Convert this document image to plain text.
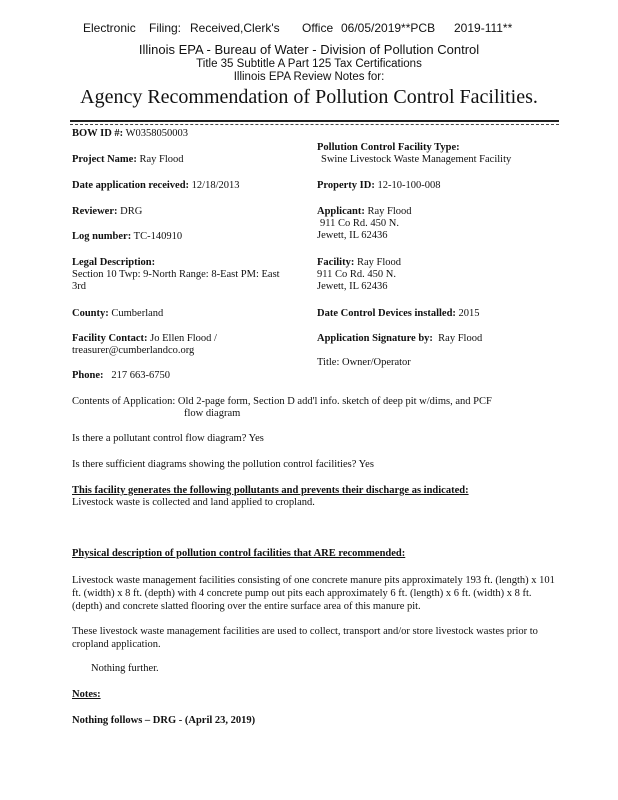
Electronic Filing: Received,Clerk's Office 06/05/2019**PCB 2019-111**
Illinois EPA - Bureau of Water - Division of Pollution Control
Title 35 Subtitle A Part 125 Tax Certifications
Illinois EPA Review Notes for:
Agency Recommendation of Pollution Control Facilities.
BOW ID #: W0358050003
Project Name: Ray Flood
Date application received: 12/18/2013
Reviewer: DRG
Log number: TC-140910
Legal Description:
Section 10 Twp: 9-North Range: 8-East PM: East
3rd
County: Cumberland
Facility Contact: Jo Ellen Flood /
treasurer@cumberlandco.org
Phone: 217 663-6750
Pollution Control Facility Type:
Swine Livestock Waste Management Facility
Property ID: 12-10-100-008
Applicant: Ray Flood
911 Co Rd. 450 N.
Jewett, IL 62436
Facility: Ray Flood
911 Co Rd. 450 N.
Jewett, IL 62436
Date Control Devices installed: 2015
Application Signature by: Ray Flood
Title: Owner/Operator
Contents of Application: Old 2-page form, Section D add'l info. sketch of deep pit w/dims, and PCF
flow diagram
Is there a pollutant control flow diagram? Yes
Is there sufficient diagrams showing the pollution control facilities? Yes
This facility generates the following pollutants and prevents their discharge as indicated:
Livestock waste is collected and land applied to cropland.
Physical description of pollution control facilities that ARE recommended:
Livestock waste management facilities consisting of one concrete manure pits approximately 193 ft. (length) x 101 ft. (width) x 8 ft. (depth) with 4 concrete pump out pits each approximately 6 ft. (length) x 6 ft. (width) x 8 ft. (depth) and concrete slatted flooring over the entire surface area of this manure pit.
These livestock waste management facilities are used to collect, transport and/or store livestock wastes prior to cropland application.
Nothing further.
Notes:
Nothing follows – DRG - (April 23, 2019)
